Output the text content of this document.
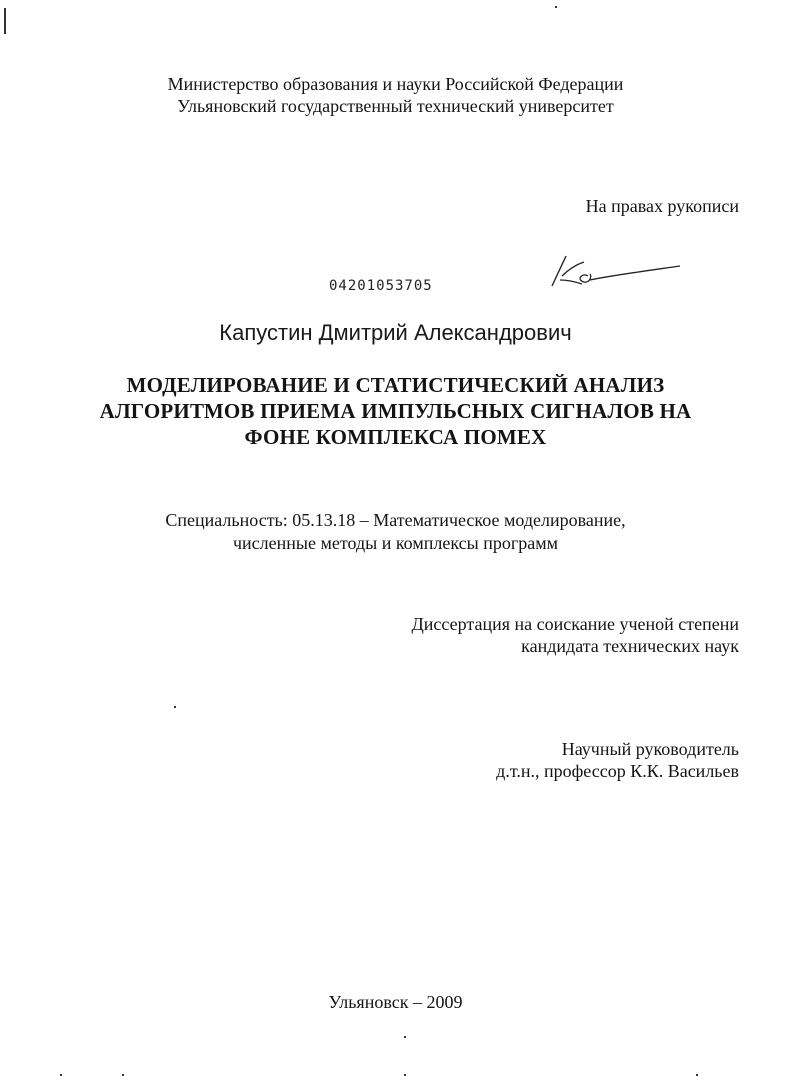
Министерство образования и науки Российской Федерации
Ульяновский государственный технический университет
На правах рукописи
04201053705
Капустин Дмитрий Александрович
МОДЕЛИРОВАНИЕ И СТАТИСТИЧЕСКИЙ АНАЛИЗ
АЛГОРИТМОВ ПРИЕМА ИМПУЛЬСНЫХ СИГНАЛОВ НА
ФОНЕ КОМПЛЕКСА ПОМЕХ
Специальность: 05.13.18 – Математическое моделирование,
численные методы и комплексы программ
Диссертация на соискание ученой степени
кандидата технических наук
Научный руководитель
д.т.н., профессор К.К. Васильев
Ульяновск – 2009
